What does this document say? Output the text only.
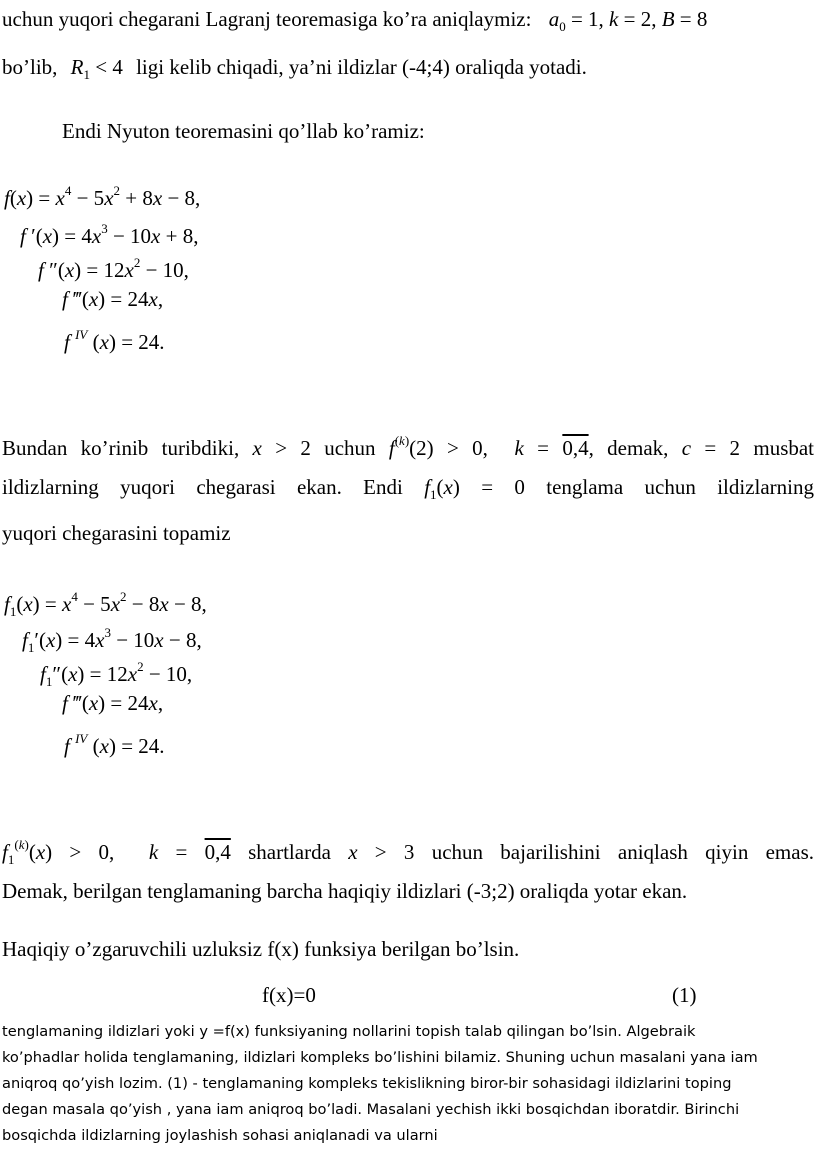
uchun yuqori chegarani Lagranj teoremasiga ko’ra aniqlaymiz: $a_0 = 1$, k = 2, B = 8
bo’lib, $R_1 < 4$ ligi kelib chiqadi, ya’ni ildizlar (-4;4) oraliqda yotadi.
Endi Nyuton teoremasini qo’llab ko’ramiz:
$f(x) = x^4 - 5x^2 + 8x - 8$,
f $'(x) = 4x^3 - 10x + 8$,
f $''(x) = 12x^2 - 10$,
f ‴(x) = 24x,
f $^{IV}$ (x) = 24.
Bundan ko’rinib turibdiki, x > 2 uchun $f^{(k)}(2) > 0$,  k = 0,4, demak, c = 2 musbat
ildizlarning yuqori chegarasi ekan. Endi $f_1(x) = 0$ tenglama uchun ildizlarning
yuqori chegarasini topamiz
$f_1(x) = x^4 - 5x^2 - 8x - 8$,
$f_1'(x) = 4x^3 - 10x - 8$,
$f_1''(x) = 12x^2 - 10$,
f ‴(x) = 24x,
f $^{IV}$ (x) = 24.
$f_1^{(k)}(x) > 0$,  k = 0,4 shartlarda x > 3 uchun bajarilishini aniqlash qiyin emas.
Demak, berilgan tenglamaning barcha haqiqiy ildizlari (-3;2) oraliqda yotar ekan.
Haqiqiy o’zgaruvchili uzluksiz f(x) funksiya berilgan bo’lsin.
f(x)=0	(1)
tenglamaning ildizlari yoki y =f(x) funksiyaning nollarini topish talab qilingan bo’lsin. Algebraik
ko’phadlar holida tenglamaning, ildizlari kompleks bo’lishini bilamiz. Shuning uchun masalani yana iam
aniqroq qo’yish lozim. (1) - tenglamaning kompleks tekislikning biror-bir sohasidagi ildizlarini toping
degan masala qo’yish , yana iam aniqroq bo’ladi. Masalani yechish ikki bosqichdan iboratdir. Birinchi
bosqichda ildizlarning joylashish sohasi aniqlanadi va ularni
